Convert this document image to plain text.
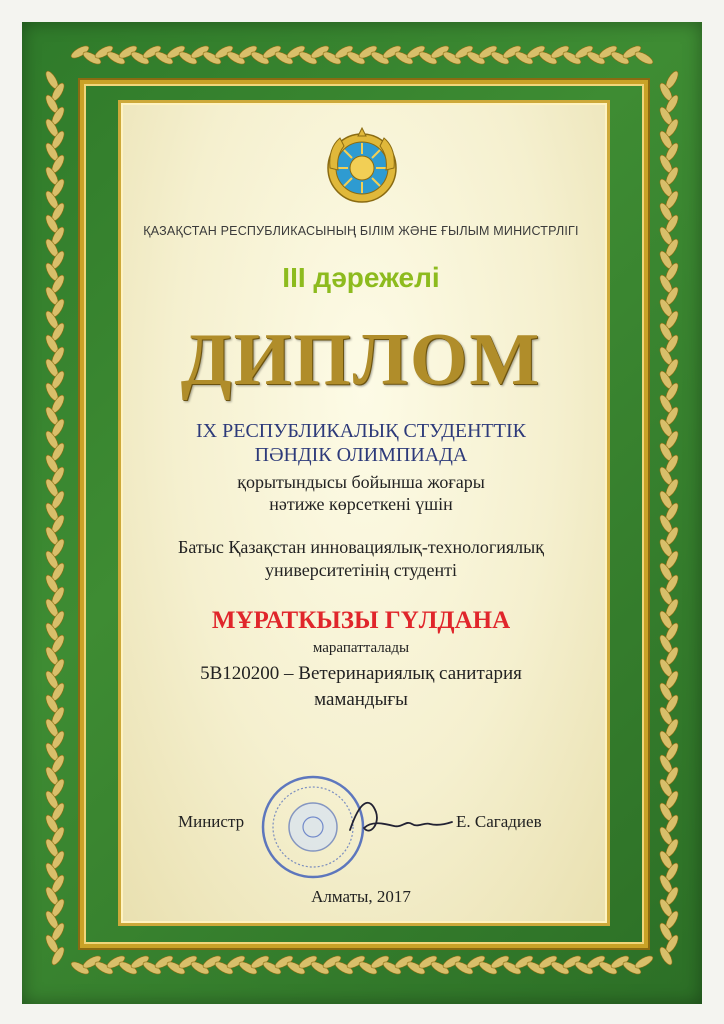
ҚАЗАҚСТАН РЕСПУБЛИКАСЫНЫҢ БІЛІМ ЖӘНЕ ҒЫЛЫМ МИНИСТРЛІГІ
III дәрежелі
ДИПЛОМ
IX РЕСПУБЛИКАЛЫҚ СТУДЕНТТІК
ПӘНДІК ОЛИМПИАДА
қорытындысы бойынша жоғары
нәтиже көрсеткені үшін
Батыс Қазақстан инновациялық-технологиялық
университетінің студенті
МҰРАТКЫЗЫ ГҮЛДАНА
марапатталады
5B120200 – Ветеринариялық санитария
мамандығы
Министр	Е. Сагадиев
Алматы, 2017
